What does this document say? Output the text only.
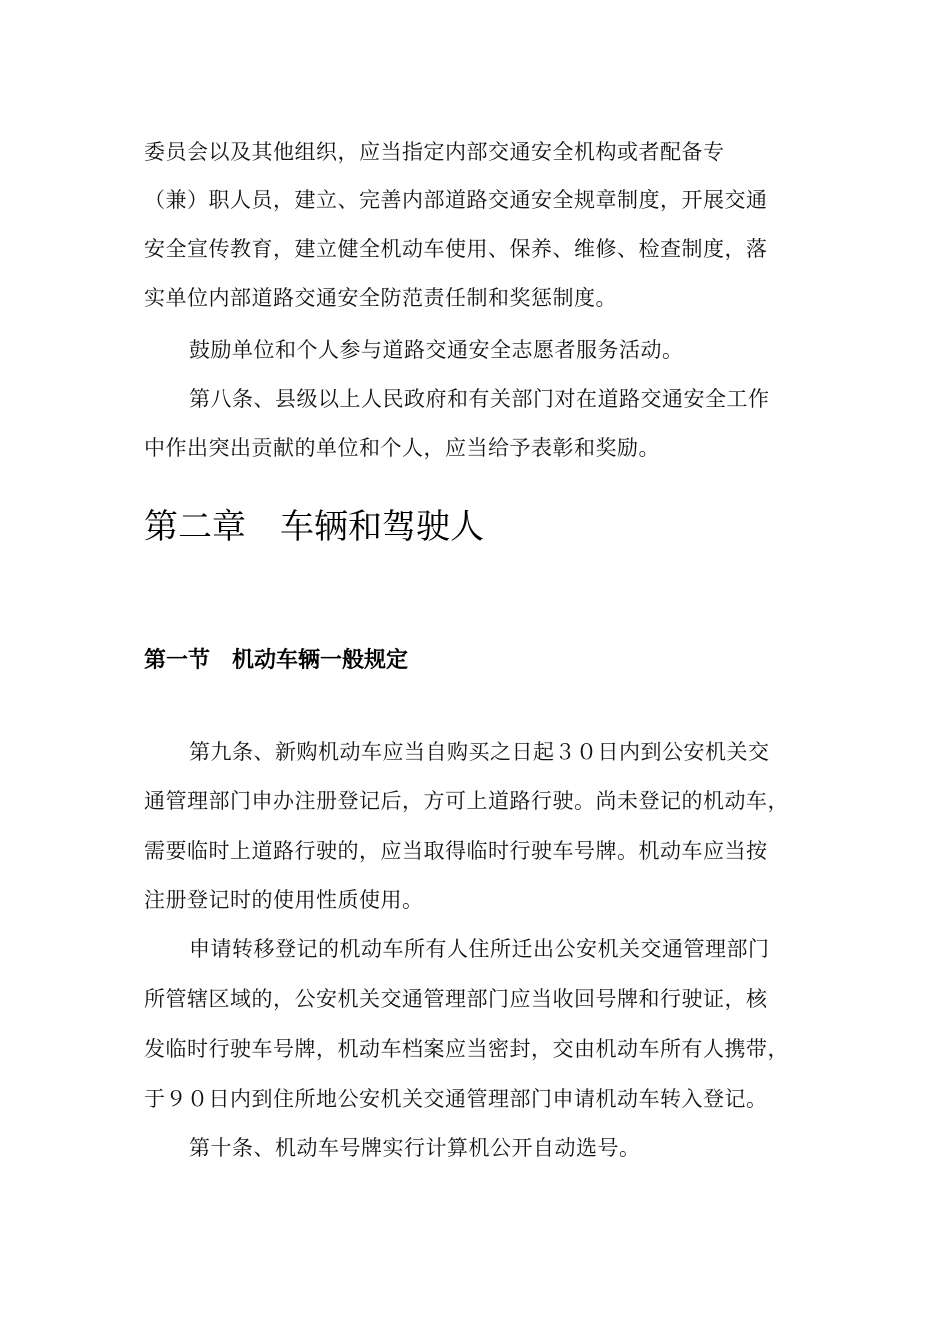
委员会以及其他组织，应当指定内部交通安全机构或者配备专
（兼）职人员，建立、完善内部道路交通安全规章制度，开展交通
安全宣传教育，建立健全机动车使用、保养、维修、检查制度，落
实单位内部道路交通安全防范责任制和奖惩制度。
鼓励单位和个人参与道路交通安全志愿者服务活动。
第八条、县级以上人民政府和有关部门对在道路交通安全工作
中作出突出贡献的单位和个人，应当给予表彰和奖励。
第二章　车辆和驾驶人
第一节　机动车辆一般规定
第九条、新购机动车应当自购买之日起３０日内到公安机关交
通管理部门申办注册登记后，方可上道路行驶。尚未登记的机动车，
需要临时上道路行驶的，应当取得临时行驶车号牌。机动车应当按
注册登记时的使用性质使用。
申请转移登记的机动车所有人住所迁出公安机关交通管理部门
所管辖区域的，公安机关交通管理部门应当收回号牌和行驶证，核
发临时行驶车号牌，机动车档案应当密封，交由机动车所有人携带，
于９０日内到住所地公安机关交通管理部门申请机动车转入登记。
第十条、机动车号牌实行计算机公开自动选号。
